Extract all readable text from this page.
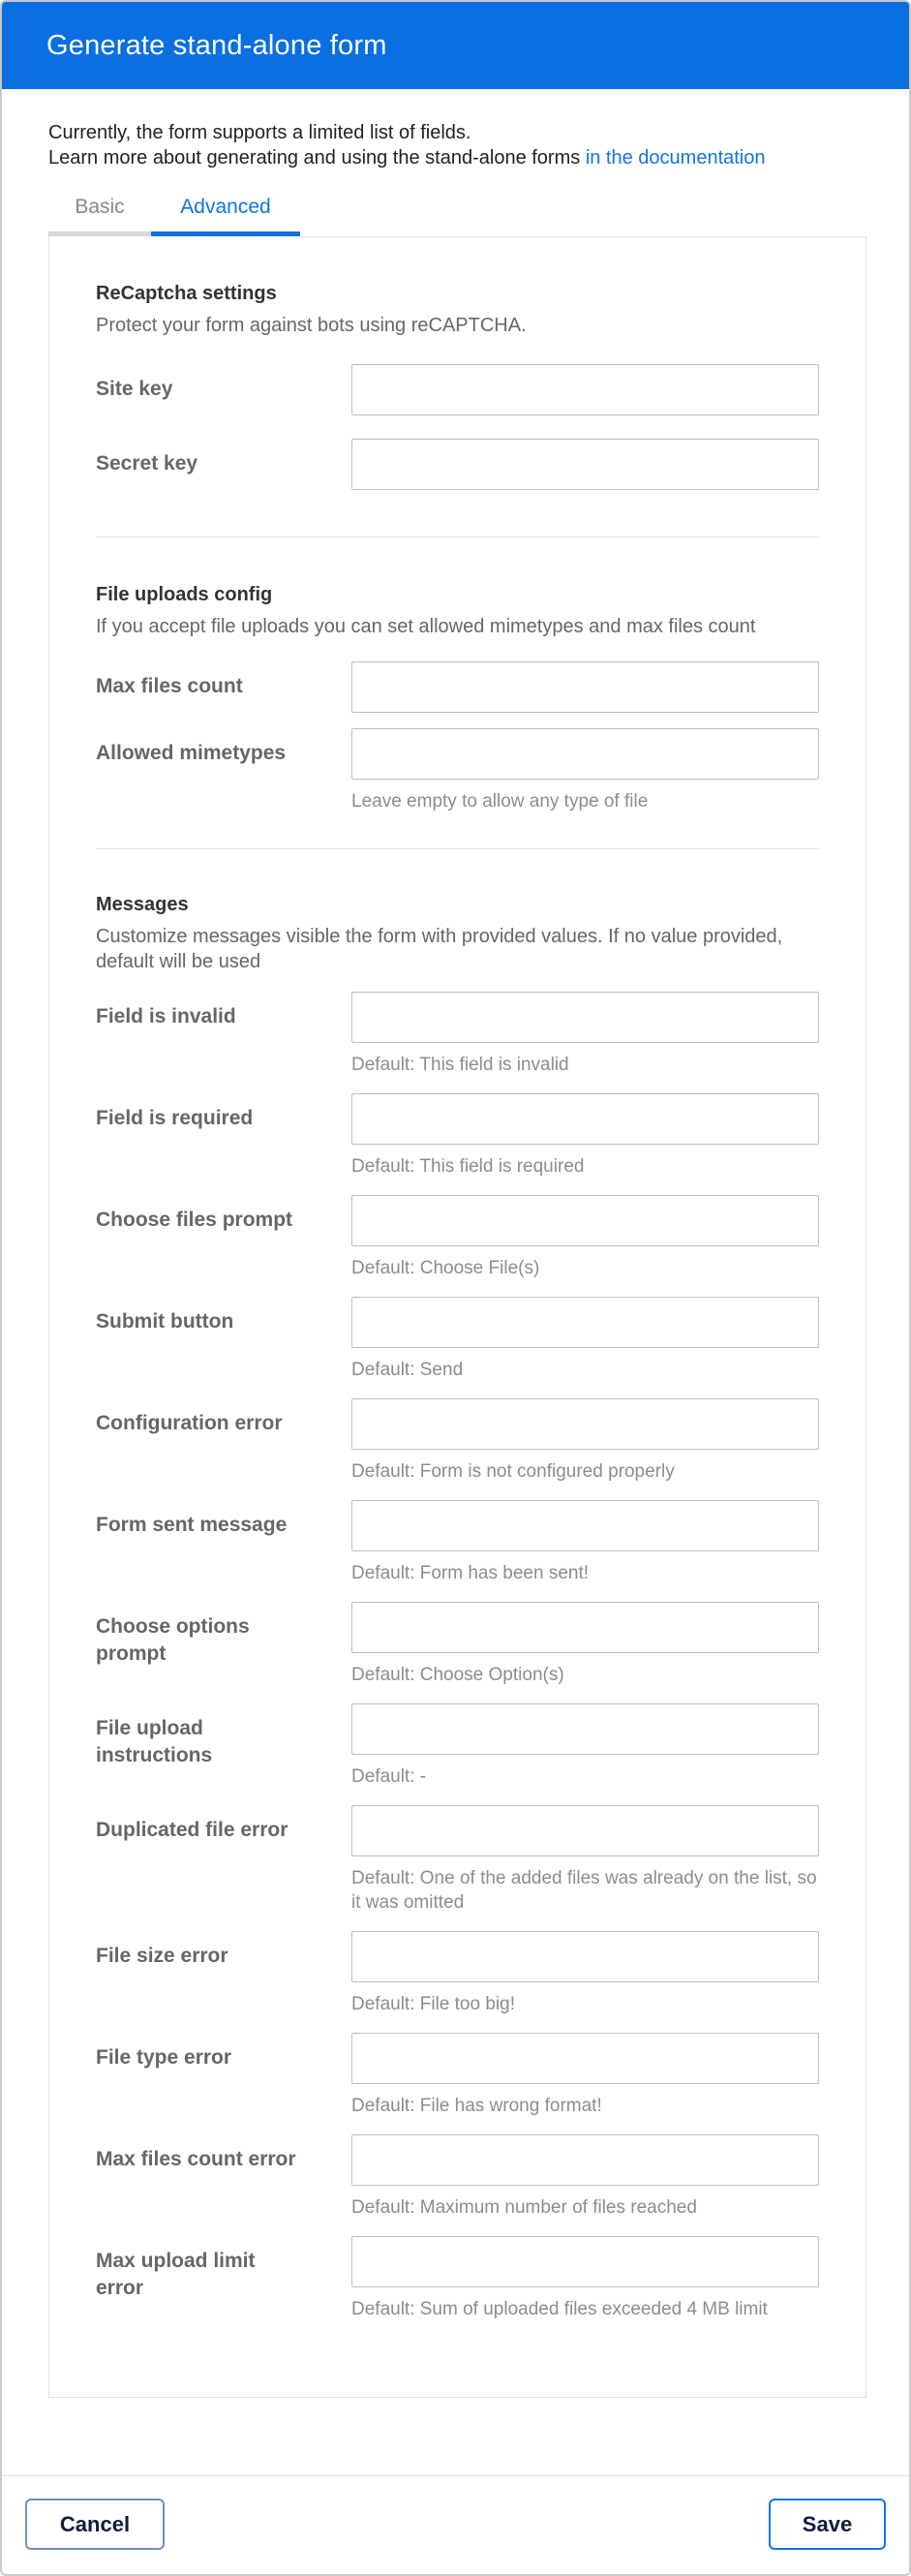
Generate stand-alone form
Currently, the form supports a limited list of fields.
Learn more about generating and using the stand-alone forms in the documentation
Basic	Advanced
ReCaptcha settings
Protect your form against bots using reCAPTCHA.
Site key
Secret key
File uploads config
If you accept file uploads you can set allowed mimetypes and max files count
Max files count
Allowed mimetypes
Leave empty to allow any type of file
Messages
Customize messages visible the form with provided values. If no value provided, default will be used
Field is invalid
Default: This field is invalid
Field is required
Default: This field is required
Choose files prompt
Default: Choose File(s)
Submit button
Default: Send
Configuration error
Default: Form is not configured properly
Form sent message
Default: Form has been sent!
Choose options prompt
Default: Choose Option(s)
File upload instructions
Default: -
Duplicated file error
Default: One of the added files was already on the list, so it was omitted
File size error
Default: File too big!
File type error
Default: File has wrong format!
Max files count error
Default: Maximum number of files reached
Max upload limit error
Default: Sum of uploaded files exceeded 4 MB limit
Cancel	Save
